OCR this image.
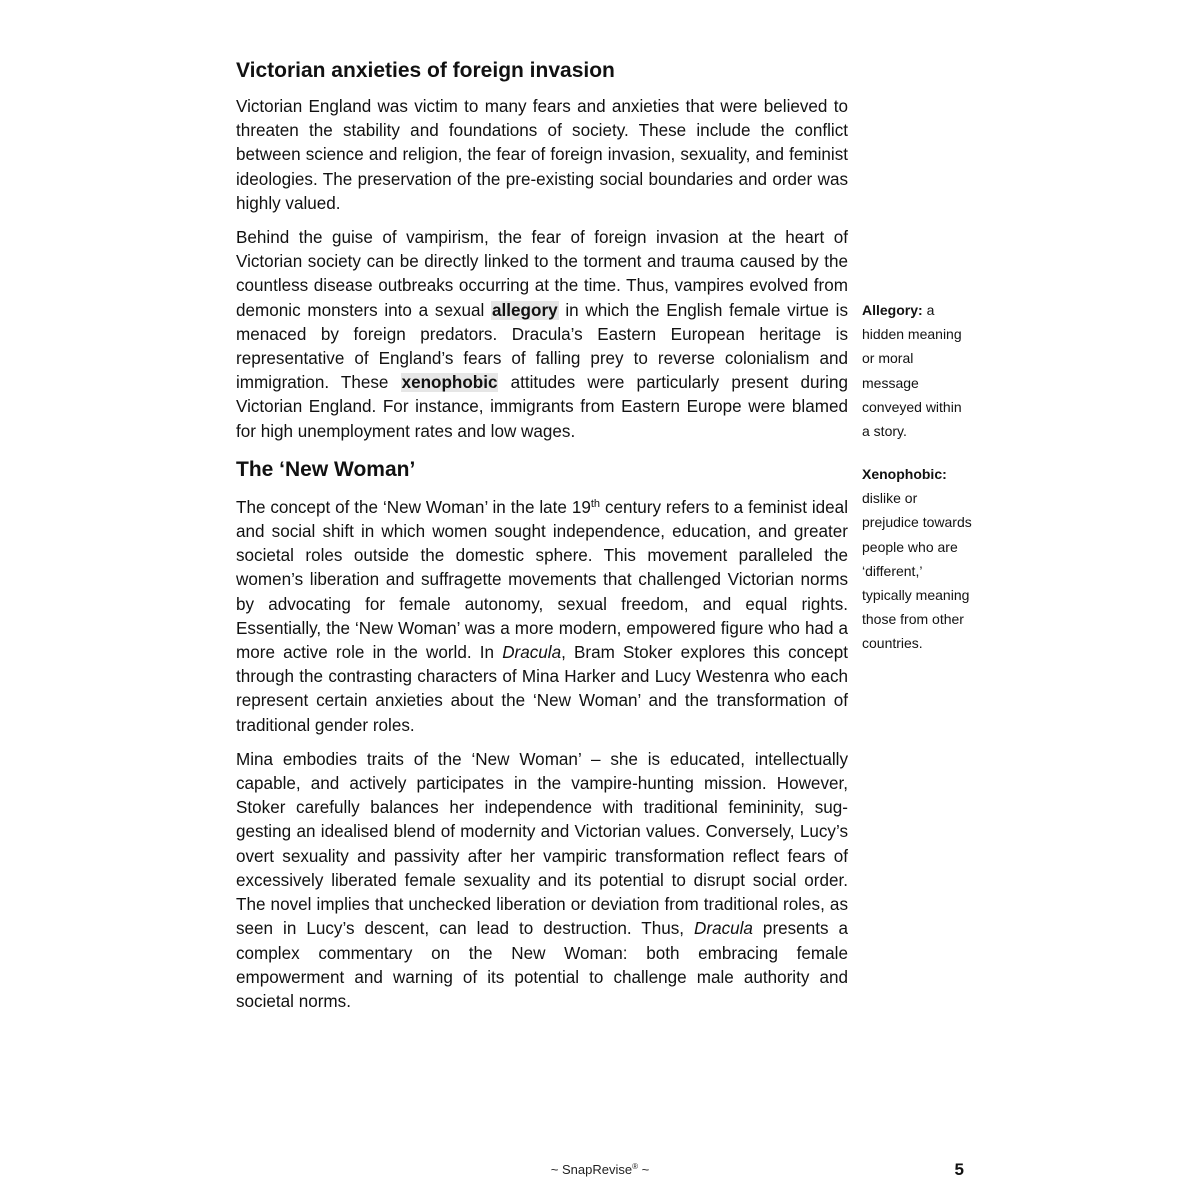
Victorian anxieties of foreign invasion

Victorian England was victim to many fears and anxieties that were believed to threaten the stability and foundations of society. These include the conflict between science and religion, the fear of foreign invasion, sexuality, and feminist ideologies. The preservation of the pre-existing social boundaries and order was highly valued.

Behind the guise of vampirism, the fear of foreign invasion at the heart of Victorian society can be directly linked to the torment and trauma caused by the countless disease outbreaks occurring at the time. Thus, vampires evolved from demonic monsters into a sexual allegory in which the English female virtue is menaced by foreign predators. Dracula’s Eastern European heritage is representative of England’s fears of falling prey to reverse colonialism and immigration. These xenophobic attitudes were particularly present during Victorian England. For instance, immigrants from Eastern Europe were blamed for high unemployment rates and low wages.

The ‘New Woman’

The concept of the ‘New Woman’ in the late 19th century refers to a feminist ideal and social shift in which women sought independence, education, and greater societal roles outside the domestic sphere. This movement paralleled the women’s liberation and suffragette movements that challenged Victorian norms by advocating for female autonomy, sexual freedom, and equal rights. Essentially, the ‘New Woman’ was a more modern, empowered figure who had a more active role in the world. In Dracula, Bram Stoker explores this concept through the contrasting characters of Mina Harker and Lucy Westenra who each represent certain anxieties about the ‘New Woman’ and the transformation of traditional gender roles.

Mina embodies traits of the ‘New Woman’ – she is educated, intellectually capable, and actively participates in the vampire-hunting mission. However, Stoker carefully balances her independence with traditional femininity, suggesting an idealised blend of modernity and Victorian values. Conversely, Lucy’s overt sexuality and passivity after her vampiric transformation reflect fears of excessively liberated female sexuality and its potential to disrupt social order. The novel implies that unchecked liberation or deviation from traditional roles, as seen in Lucy’s descent, can lead to destruction. Thus, Dracula presents a complex commentary on the New Woman: both embracing female empowerment and warning of its potential to challenge male authority and societal norms.

Allegory: a hidden meaning or moral message conveyed within a story.
Xenophobic:
dislike or prejudice towards people who are ‘different,’ typically meaning those from other countries.
~ SnapRevise® ~	5
